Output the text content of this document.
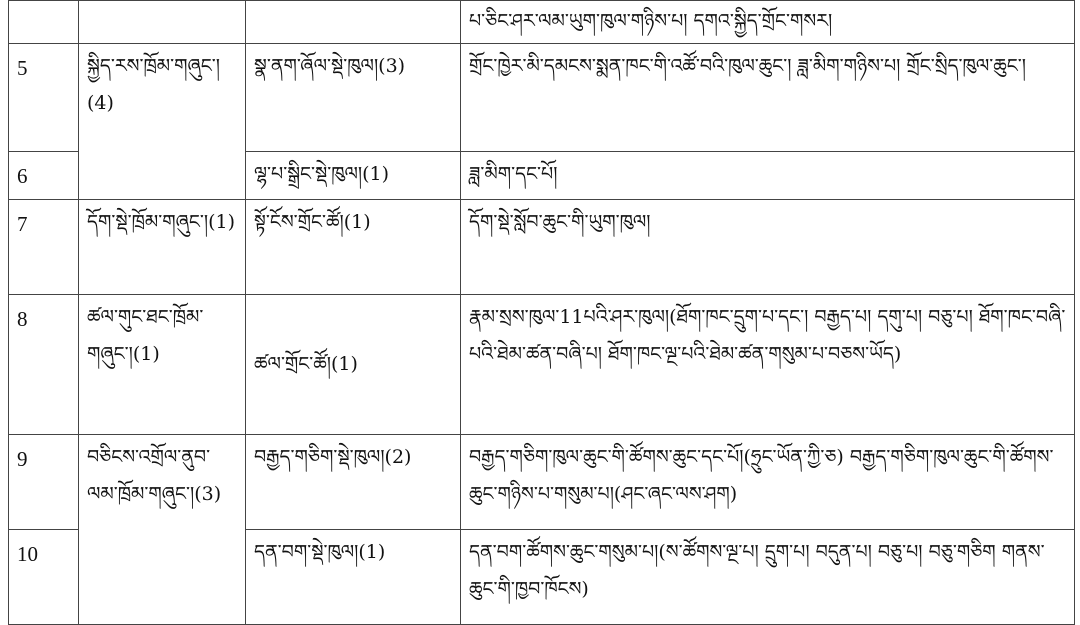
			པ་ཅིང་ཤར་ལམ་ཡུག་ཁུལ་གཉིས་པ། དགའ་སྐྱིད་གྲོང་གསར།
5	སྐྱིད་རས་ཁྲོམ་གཞུང་།(4)	སྣ་ནག་ཞོལ་སྡེ་ཁུལ།(3)	གྲོང་ཁྱེར་མི་དམངས་སྨན་ཁང་གི་འཚོ་བའི་ཁུལ་ཆུང་། ཟླ་མིག་གཉིས་པ། གྲོང་སྲིད་ཁུལ་ཆུང་།
6		ལྷ་པ་སྒྲིང་སྡེ་ཁུལ།(1)	ཟླ་མིག་དང་པོ།
7	དོག་སྡེ་ཁྲོམ་གཞུང་།(1)	སྟོ་ངོས་གྲོང་ཚོ།(1)	དོག་སྡེ་སློབ་ཆུང་གི་ཡུག་ཁུལ།
8	ཚལ་གུང་ཐང་ཁྲོམ་གཞུང་།(1)	ཚལ་གྲོང་ཚོ།(1)	རྣམ་སྲས་ཁུལ་11པའི་ཤར་ཁུལ།(ཐོག་ཁང་དྲུག་པ་དང་། བརྒྱད་པ། དགུ་པ། བཅུ་པ། ཐོག་ཁང་བཞི་པའི་ཐེམ་ཚན་བཞི་པ། ཐོག་ཁང་ལྔ་པའི་ཐེམ་ཚན་གསུམ་པ་བཅས་ཡོད)
9	བཅིངས་འགྲོལ་ནུབ་ལམ་ཁྲོམ་གཞུང་།(3)	བརྒྱད་གཅིག་སྡེ་ཁུལ།(2)	བརྒྱད་གཅིག་ཁུལ་ཆུང་གི་ཚོགས་ཆུང་དང་པོ།(ཧྲུང་ཡོན་ཀྱི་ཅ) བརྒྱད་གཅིག་ཁུལ་ཆུང་གི་ཚོགས་ཆུང་གཉིས་པ་གསུམ་པ།(ཤང་ཞང་ལས་ཤག)
10		དན་བག་སྡེ་ཁུལ།(1)	དན་བག་ཚོགས་ཆུང་གསུམ་པ།(ས་ཚོགས་ལྔ་པ། དྲུག་པ། བདུན་པ། བཅུ་པ། བཅུ་གཅིག གནས་ཆུང་གི་ཁྱབ་ཁོངས)
